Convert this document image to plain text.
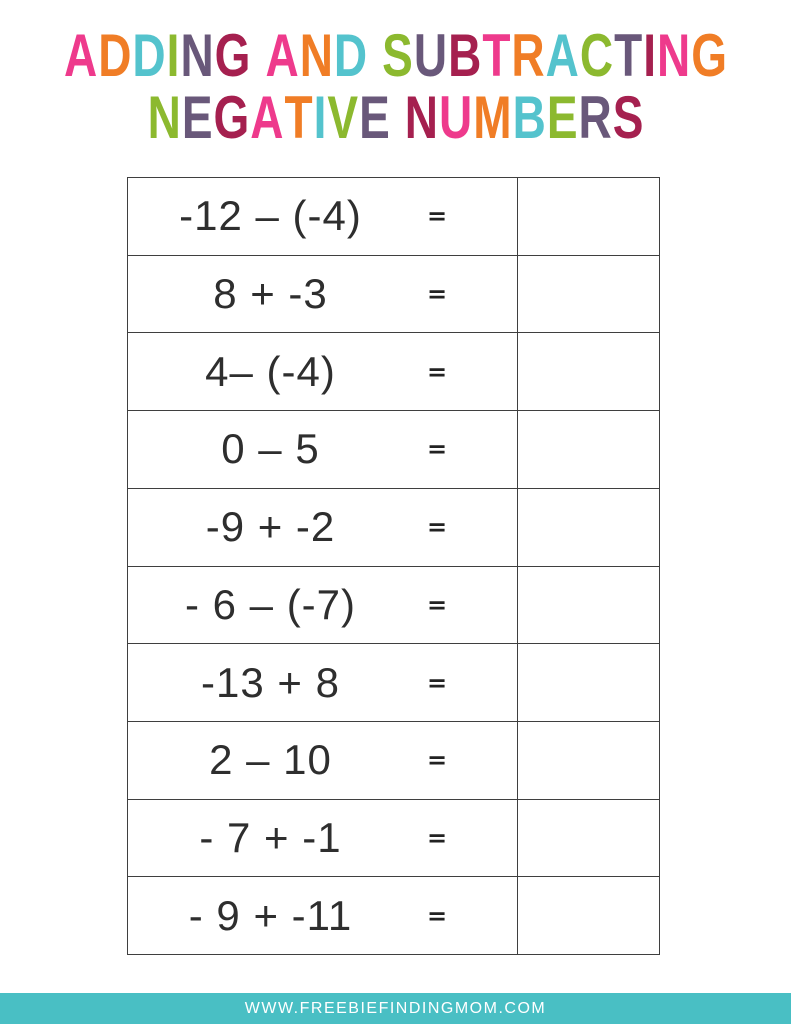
ADDING AND SUBTRACTING
NEGATIVE NUMBERS
-12 – (-4)	=
8 + -3	=
4– (-4)	=
0 – 5	=
-9 + -2	=
- 6 – (-7)	=
-13 + 8	=
2 – 10	=
- 7 + -1	=
- 9 + -11	=
WWW.FREEBIEFINDINGMOM.COM
